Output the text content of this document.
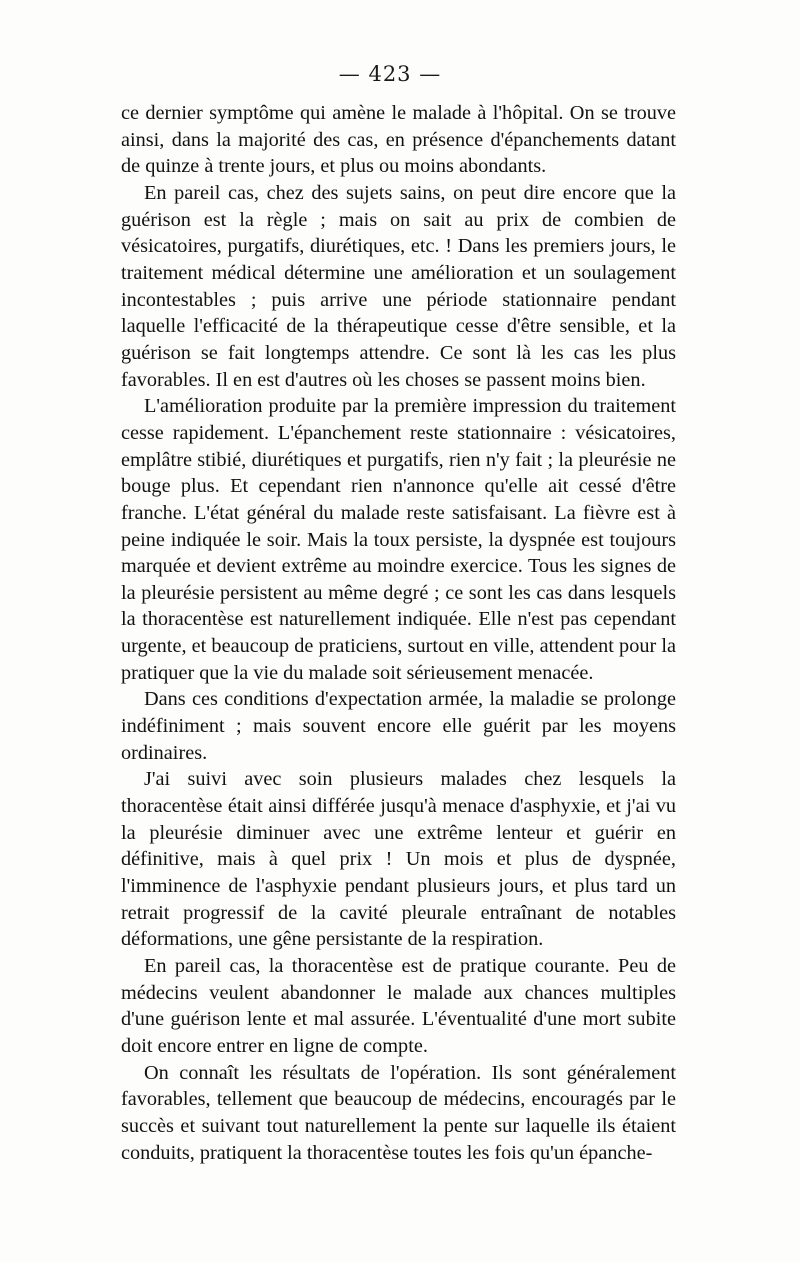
— 423 —

ce dernier symptôme qui amène le malade à l'hôpital. On se trouve ainsi, dans la majorité des cas, en présence d'épanchements datant de quinze à trente jours, et plus ou moins abondants.

En pareil cas, chez des sujets sains, on peut dire encore que la guérison est la règle ; mais on sait au prix de combien de vésicatoires, purgatifs, diurétiques, etc. ! Dans les premiers jours, le traitement médical détermine une amélioration et un soulagement incontestables ; puis arrive une période stationnaire pendant laquelle l'efficacité de la thérapeutique cesse d'être sensible, et la guérison se fait longtemps attendre. Ce sont là les cas les plus favorables. Il en est d'autres où les choses se passent moins bien.

L'amélioration produite par la première impression du traitement cesse rapidement. L'épanchement reste stationnaire : vésicatoires, emplâtre stibié, diurétiques et purgatifs, rien n'y fait ; la pleurésie ne bouge plus. Et cependant rien n'annonce qu'elle ait cessé d'être franche. L'état général du malade reste satisfaisant. La fièvre est à peine indiquée le soir. Mais la toux persiste, la dyspnée est toujours marquée et devient extrême au moindre exercice. Tous les signes de la pleurésie persistent au même degré ; ce sont les cas dans lesquels la thoracentèse est naturellement indiquée. Elle n'est pas cependant urgente, et beaucoup de praticiens, surtout en ville, attendent pour la pratiquer que la vie du malade soit sérieusement menacée.

Dans ces conditions d'expectation armée, la maladie se prolonge indéfiniment ; mais souvent encore elle guérit par les moyens ordinaires.

J'ai suivi avec soin plusieurs malades chez lesquels la thoracentèse était ainsi différée jusqu'à menace d'asphyxie, et j'ai vu la pleurésie diminuer avec une extrême lenteur et guérir en définitive, mais à quel prix ! Un mois et plus de dyspnée, l'imminence de l'asphyxie pendant plusieurs jours, et plus tard un retrait progressif de la cavité pleurale entraînant de notables déformations, une gêne persistante de la respiration.

En pareil cas, la thoracentèse est de pratique courante. Peu de médecins veulent abandonner le malade aux chances multiples d'une guérison lente et mal assurée. L'éventualité d'une mort subite doit encore entrer en ligne de compte.

On connaît les résultats de l'opération. Ils sont généralement favorables, tellement que beaucoup de médecins, encouragés par le succès et suivant tout naturellement la pente sur laquelle ils étaient conduits, pratiquent la thoracentèse toutes les fois qu'un épanche-
